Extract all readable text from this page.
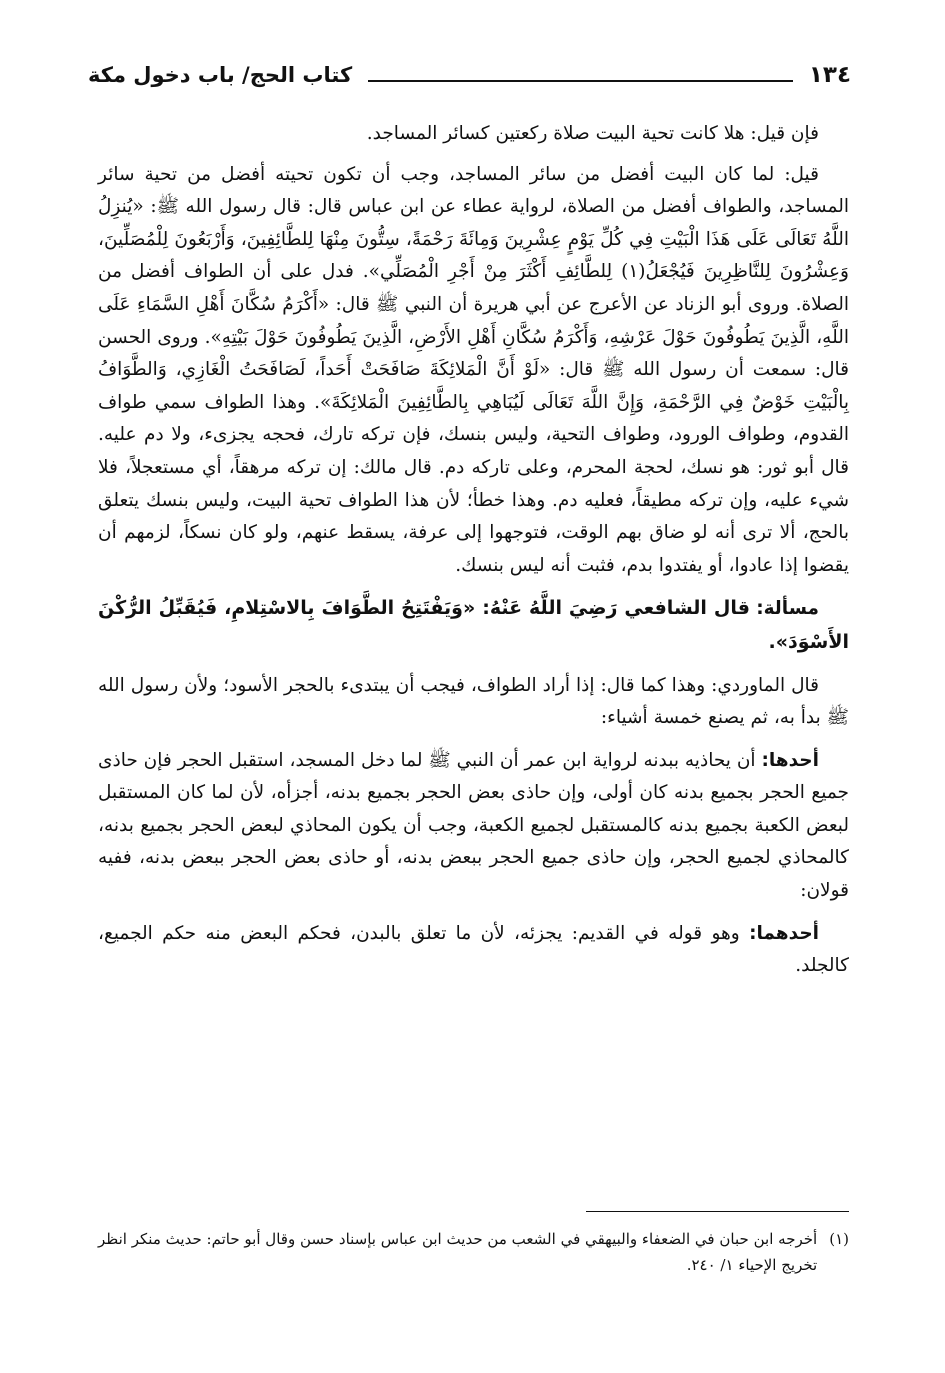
١٣٤
كتاب الحج/ باب دخول مكة

فإن قيل: هلا كانت تحية البيت صلاة ركعتين كسائر المساجد.

قيل: لما كان البيت أفضل من سائر المساجد، وجب أن تكون تحيته أفضل من تحية سائر المساجد، والطواف أفضل من الصلاة، لرواية عطاء عن ابن عباس قال: قال رسول الله ﷺ: «يُنزِلُ اللَّهُ تَعَالَى عَلَى هَذَا الْبَيْتِ فِي كُلِّ يَوْمٍ عِشْرِينَ وَمِائَةَ رَحْمَةً، سِتُّونَ مِنْهَا لِلطَّائِفِينَ، وَأَرْبَعُونَ لِلْمُصَلِّينَ، وَعِشْرُونَ لِلنَّاظِرِينَ فَيُجْعَلُ(١) لِلطَّائِفِ أَكْثَرَ مِنْ أَجْرِ الْمُصَلِّي». فدل على أن الطواف أفضل من الصلاة. وروى أبو الزناد عن الأعرج عن أبي هريرة أن النبي ﷺ قال: «أَكْرَمُ سُكَّانَ أَهْلِ السَّمَاءِ عَلَى اللَّهِ، الَّذِينَ يَطُوفُونَ حَوْلَ عَرْشِهِ، وَأَكْرَمُ سُكَّانِ أَهْلِ الأَرْضِ، الَّذِينَ يَطُوفُونَ حَوْلَ بَيْتِهِ». وروى الحسن قال: سمعت أن رسول الله ﷺ قال: «لَوْ أَنَّ الْمَلائِكَةَ صَافَحَتْ أَحَداً، لَصَافَحَتُ الْغَازِي، وَالطَّوَافُ بِالْبَيْتِ خَوْضٌ فِي الرَّحْمَةِ، وَإِنَّ اللَّهَ تَعَالَى لَيُبَاهِي بِالطَّائِفِينَ الْمَلائِكَةَ». وهذا الطواف سمي طواف القدوم، وطواف الورود، وطواف التحية، وليس بنسك، فإن تركه تارك، فحجه يجزىء، ولا دم عليه. قال أبو ثور: هو نسك، لحجة المحرم، وعلى تاركه دم. قال مالك: إن تركه مرهقاً، أي مستعجلاً، فلا شيء عليه، وإن تركه مطيقاً، فعليه دم. وهذا خطأ؛ لأن هذا الطواف تحية البيت، وليس بنسك يتعلق بالحج، ألا ترى أنه لو ضاق بهم الوقت، فتوجهوا إلى عرفة، يسقط عنهم، ولو كان نسكاً، لزمهم أن يقضوا إذا عادوا، أو يفتدوا بدم، فثبت أنه ليس بنسك.

مسألة: قال الشافعي رَضِيَ اللَّهُ عَنْهُ: «وَيَفْتَتِحُ الطَّوَافَ بِالاسْتِلامِ، فَيُقَبِّلُ الرُّكْنَ الأَسْوَدَ».

قال الماوردي: وهذا كما قال: إذا أراد الطواف، فيجب أن يبتدىء بالحجر الأسود؛ ولأن رسول الله ﷺ بدأ به، ثم يصنع خمسة أشياء:

أحدها: أن يحاذيه ببدنه لرواية ابن عمر أن النبي ﷺ لما دخل المسجد، استقبل الحجر فإن حاذى جميع الحجر بجميع بدنه كان أولى، وإن حاذى بعض الحجر بجميع بدنه، أجزأه، لأن لما كان المستقبل لبعض الكعبة بجميع بدنه كالمستقبل لجميع الكعبة، وجب أن يكون المحاذي لبعض الحجر بجميع بدنه، كالمحاذي لجميع الحجر، وإن حاذى جميع الحجر ببعض بدنه، أو حاذى بعض الحجر ببعض بدنه، ففيه قولان:

أحدهما: وهو قوله في القديم: يجزئه، لأن ما تعلق بالبدن، فحكم البعض منه حكم الجميع، كالجلد.

(١)
أخرجه ابن حبان في الضعفاء والبيهقي في الشعب من حديث ابن عباس بإسناد حسن وقال أبو حاتم: حديث منكر انظر تخريج الإحياء ١/ ٢٤٠.
